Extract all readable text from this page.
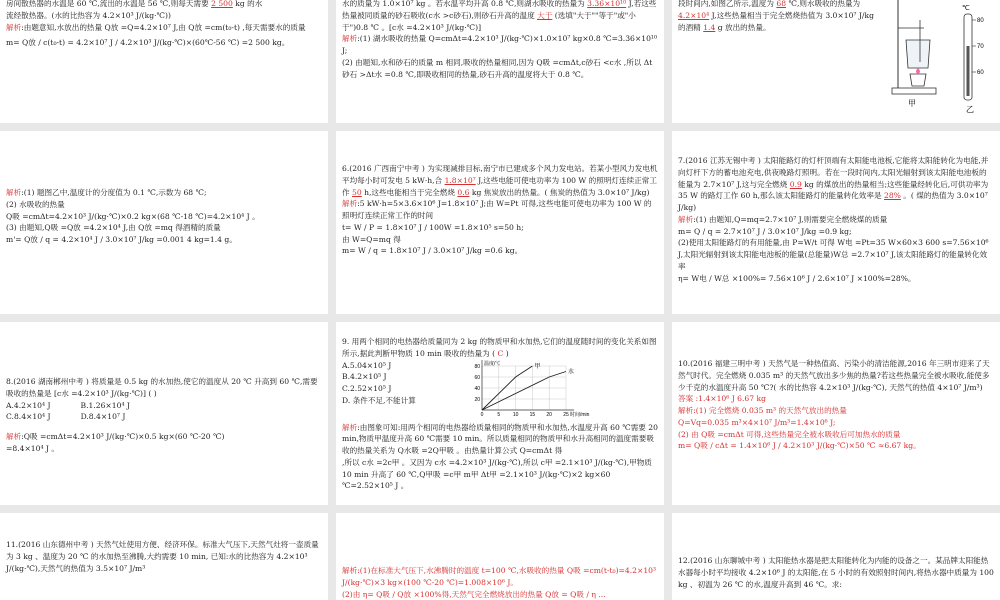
房间散热器的水温是 60 ℃,流出的水温是 56 ℃,则每天需要 2 500 kg 的水

流经散热器。(水的比热容为 4.2×10³ J/(kg·℃))

解析:由题意知,水放出的热量 Q放 =Q=4.2×10⁷ J,由 Q放 =cm(t₀-t) ,每天需要水的质量

m= Q放 / c(t₀-t) = 4.2×10⁷ J / 4.2×10³ J/(kg·℃)×(60℃-56 ℃) =2 500 kg。

水的质量为 1.0×10⁷ kg 。若水温平均升高 0.8 ℃,则湖水吸收的热量为 3.36×10¹⁰ J,若这些热量被同质量的砂石吸收(c水 >c砂石),则砂石升高的温度 大于 (选填"大于""等于"或"小于")0.8 ℃ 。[c水 =4.2×10³ J/(kg·℃)]

解析:(1) 湖水吸收的热量 Q=cmΔt=4.2×10³ J/(kg·℃)×1.0×10⁷ kg×0.8 ℃=3.36×10¹⁰ J;

(2) 由题知,水和砂石的质量 m 相同,吸收的热量相同,因为 Q吸 =cmΔt,c砂石 <c水 ,所以 Δt砂石 >Δt水 =0.8 ℃,即吸收相同的热量,砂石升高的温度将大于 0.8 ℃。

段时间内,如图乙所示,温度为 68 ℃,则水吸收的热量为 4.2×10⁴ J,这些热量相当于完全燃烧热值为 3.0×10⁷ J/kg 的酒精 1.4 g 放出的热量。

甲
℃
80
70
60
乙

解析:(1) 题图乙中,温度计的分度值为 0.1 ℃,示数为 68 ℃;

(2) 水吸收的热量

Q吸 =cmΔt=4.2×10³ J/(kg·℃)×0.2 kg×(68 ℃-18 ℃)=4.2×10⁴ J 。

(3) 由题知,Q吸 =Q放 =4.2×10⁴ J,由 Q放 =mq 得酒精的质量

m'= Q放 / q = 4.2×10⁴ J / 3.0×10⁷ J/kg =0.001 4 kg=1.4 g。

6.(2016 广西南宁中考 ) 为实现减排目标,南宁市已建成多个风力发电站。若某小型风力发电机平均每小时可发电 5 kW·h,合 1.8×10⁷ J,这些电能可使电功率为 100 W 的照明灯连续正常工作 50 h,这些电能相当于完全燃烧 0.6 kg 焦炭放出的热量。( 焦炭的热值为 3.0×10⁷ J/kg)

解析:5 kW·h=5×3.6×10⁶ J=1.8×10⁷ J;由 W=Pt 可得,这些电能可使电功率为 100 W 的照明灯连续正常工作的时间

t= W / P = 1.8×10⁷ J / 100W =1.8×10⁵ s=50 h;

由 W=Q=mq 得

m= W / q = 1.8×10⁷ J / 3.0×10⁷ J/kg =0.6 kg。

7.(2016 江苏无锡中考 ) 太阳能路灯的灯杆顶端有太阳能电池板,它能将太阳能转化为电能,并向灯杆下方的蓄电池充电,供夜晚路灯照明。若在一段时间内,太阳光辐射到该太阳能电池板的能量为 2.7×10⁷ J,这与完全燃烧 0.9 kg 的煤放出的热量相当;这些能量经转化后,可供功率为 35 W 的路灯工作 60 h,那么该太阳能路灯的能量转化效率是 28% 。( 煤的热值为 3.0×10⁷ J/kg)

解析:(1) 由题知,Q=mq=2.7×10⁷ J,则需要完全燃烧煤的质量

m= Q / q = 2.7×10⁷ J / 3.0×10⁷ J/kg =0.9 kg;

(2)使用太阳能路灯的有用能量,由 P=W/t 可得 W电 =Pt=35 W×60×3 600 s=7.56×10⁶ J,太阳光辐射到该太阳能电池板的能量(总能量)W总 =2.7×10⁷ J,该太阳能路灯的能量转化效率

η= W电 / W总 ×100%= 7.56×10⁶ J / 2.6×10⁷ J ×100%=28%。

8.(2016 湖南郴州中考 ) 将质量是 0.5 kg 的水加热,使它的温度从 20 ℃ 升高到 60 ℃,需要吸收的热量是 [c水 =4.2×10³ J/(kg·℃)] ( )

A.4.2×10⁴ J	B.1.26×10⁴ J
C.8.4×10⁴ J	D.8.4×10⁷ J

解析:Q吸 =cmΔt=4.2×10³ J/(kg·℃)×0.5 kg×(60 ℃-20 ℃)

=8.4×10⁴ J 。

9. 用两个相同的电热器给质量同为 2 kg 的物质甲和水加热,它们的温度随时间的变化关系如图所示,据此判断甲物质 10 min 吸收的热量为 ( C )

A.5.04×10⁵ J

B.4.2×10⁵ J

C.2.52×10⁵ J

D. 条件不足,不能计算	20
40
60
80
0	5	10 15 20 25
温度/℃
时间/min
甲
水

解析:由图象可知:用两个相同的电热器给质量相同的物质甲和水加热,水温度升高 60 ℃需要 20 min,物质甲温度升高 60 ℃需要 10 min。所以质量相同的物质甲和水升高相同的温度需要吸收的热量关系为 Q水吸 =2Q甲吸 。由热量计算公式 Q=cmΔt 得

,所以 c水 =2c甲 。又因为 c水 =4.2×10³ J/(kg·℃),所以 c甲 =2.1×10³ J/(kg·℃),甲物质 10 min 升高了 60 ℃,Q甲吸 =c甲 m甲 Δt甲 =2.1×10³ J/(kg·℃)×2 kg×60 ℃=2.52×10⁵ J 。

10.(2016 福建三明中考 ) 天然气是一种热值高、污染小的清洁能源,2016 年三明市迎来了天然气时代。完全燃烧 0.035 m³ 的天然气放出多少焦的热量?若这些热量完全被水吸收,能使多少千克的水温度升高 50 ℃?( 水的比热容 4.2×10³ J/(kg·℃), 天然气的热值 4×10⁷ J/m³)

答案 :1.4×10⁶ J 6.67 kg

解析:(1) 完全燃烧 0.035 m³ 的天然气放出的热量

Q=Vq=0.035 m³×4×10⁷ J/m³=1.4×10⁶ J;

(2) 由 Q吸 =cmΔt 可得,这些热量完全被水吸收后可加热水的质量

m= Q吸 / cΔt = 1.4×10⁶ J / 4.2×10³ J/(kg·℃)×50 ℃ ≈6.67 kg。

11.(2016 山东德州中考 ) 天然气灶使用方便、经济环保。标准大气压下,天然气灶将一壶质量为 3 kg 、温度为 20 ℃ 的水加热至沸腾,大约需要 10 min, 已知:水的比热容为 4.2×10³ J/(kg·℃),天然气的热值为 3.5×10⁷ J/m³	解析:(1)在标准大气压下,水沸腾时的温度 t=100 ℃,水吸收的热量 Q吸 =cm(t-t₀)=4.2×10³ J/(kg·℃)×3 kg×(100 ℃-20 ℃)=1.008×10⁶ J。

(2)由 η= Q吸 / Q放 ×100%得,天然气完全燃烧放出的热量 Q放 = Q吸 / η ...

12.(2016 山东聊城中考 ) 太阳能热水器是把太阳能转化为内能的设备之一。某品牌太阳能热水器每小时平均接收 4.2×10⁶ J 的太阳能,在 5 小时的有效照射时间内,将热水器中质量为 100 kg 、初温为 26 ℃ 的水,温度升高到 46 ℃。求:
